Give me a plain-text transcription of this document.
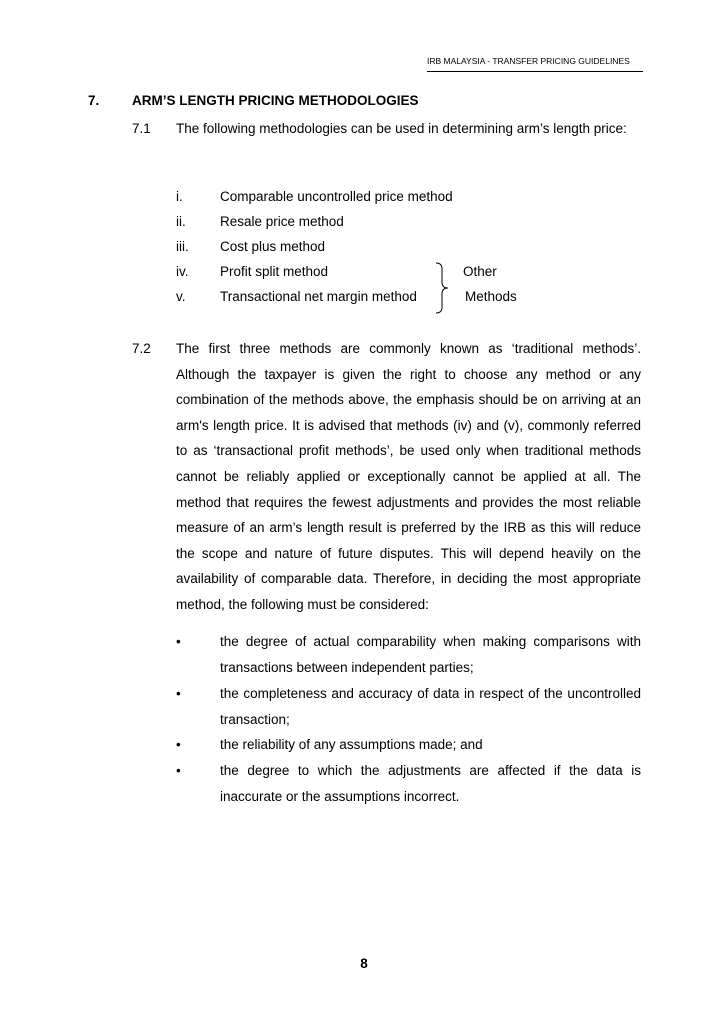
IRB MALAYSIA - TRANSFER PRICING GUIDELINES
7. ARM’S LENGTH PRICING METHODOLOGIES
7.1 The following methodologies can be used in determining arm’s length price:
i.	Comparable uncontrolled price method
ii.	Resale price method
iii. Cost plus method
iv. Profit split method
v.	Transactional net margin method
Other
Methods
7.2 The first three methods are commonly known as ‘traditional methods’. Although the taxpayer is given the right to choose any method or any combination of the methods above, the emphasis should be on arriving at an arm's length price. It is advised that methods (iv) and (v), commonly referred to as ‘transactional profit methods’, be used only when traditional methods cannot be reliably applied or exceptionally cannot be applied at all. The method that requires the fewest adjustments and provides the most reliable measure of an arm’s length result is preferred by the IRB as this will reduce the scope and nature of future disputes. This will depend heavily on the availability of comparable data. Therefore, in deciding the most appropriate method, the following must be considered:
•	the degree of actual comparability when making comparisons with transactions between independent parties;
•	the completeness and accuracy of data in respect of the uncontrolled transaction;
•	the reliability of any assumptions made; and
•	the degree to which the adjustments are affected if the data is inaccurate or the assumptions incorrect.
8
